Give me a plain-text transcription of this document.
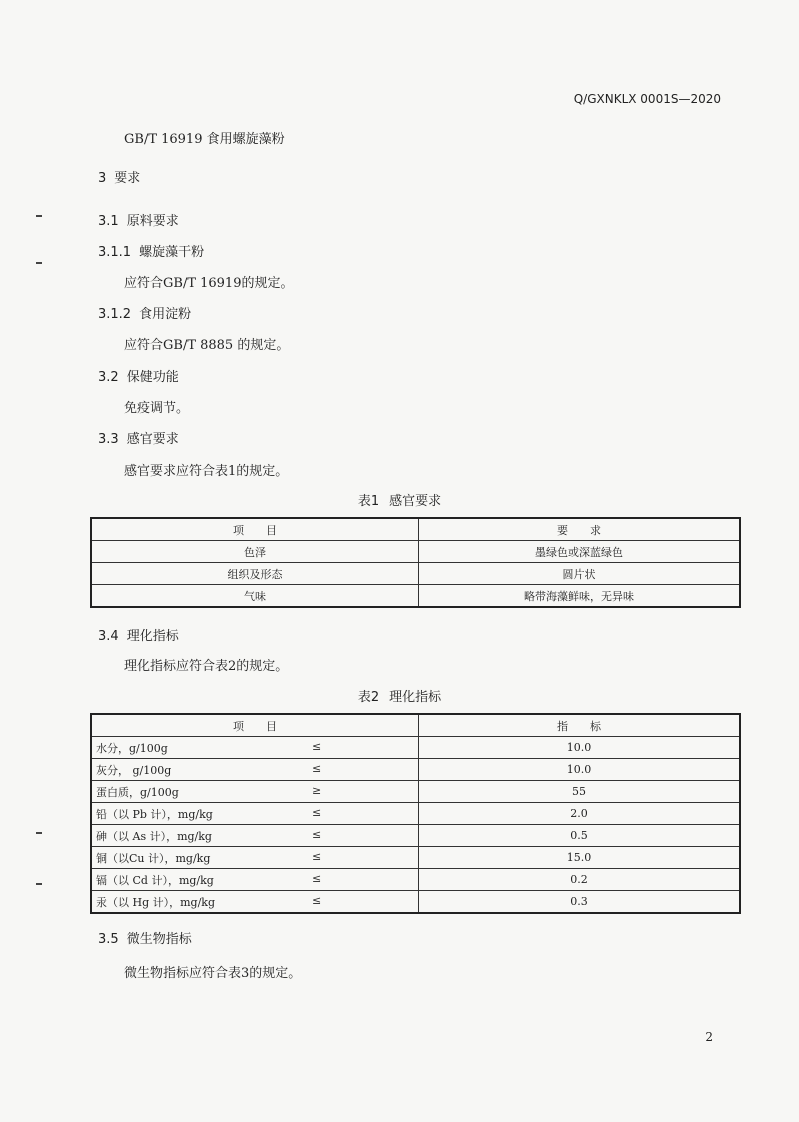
Q/GXNKLX 0001S—2020
GB/T 16919 食用螺旋藻粉
3 要求
3.1 原料要求
3.1.1 螺旋藻干粉
应符合GB/T 16919的规定。
3.1.2 食用淀粉
应符合GB/T 8885 的规定。
3.2 保健功能
免疫调节。
3.3 感官要求
感官要求应符合表1的规定。
表1 感官要求
项　　目	要　　求
色泽	墨绿色或深蓝绿色
组织及形态	圆片状
气味	略带海藻鲜味，无异味
3.4 理化指标
理化指标应符合表2的规定。
表2 理化指标
项　　目	指　　标
水分，g/100g ≤	10.0
灰分， g/100g ≤	10.0
蛋白质，g/100g ≥	55
铅（以 Pb 计），mg/kg ≤	2.0
砷（以 As 计），mg/kg ≤	0.5
铜（以Cu 计），mg/kg ≤	15.0
镉（以 Cd 计），mg/kg ≤	0.2
汞（以 Hg 计），mg/kg ≤	0.3
3.5 微生物指标
微生物指标应符合表3的规定。
2
